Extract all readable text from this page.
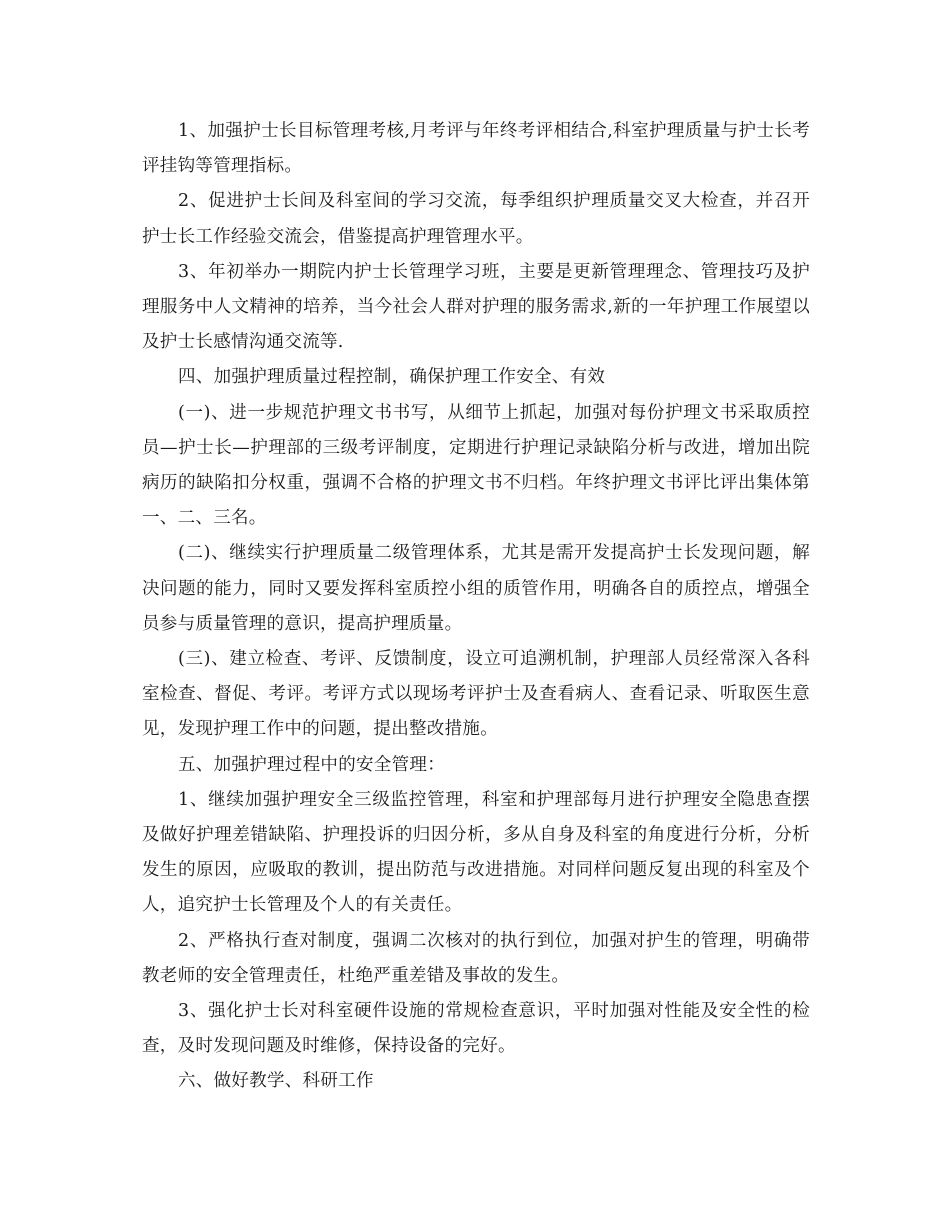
1、加强护士长目标管理考核,月考评与年终考评相结合,科室护理质量与护士长考评挂钩等管理指标。

2、促进护士长间及科室间的学习交流，每季组织护理质量交叉大检查，并召开护士长工作经验交流会，借鉴提高护理管理水平。

3、年初举办一期院内护士长管理学习班，主要是更新管理理念、管理技巧及护理服务中人文精神的培养，当今社会人群对护理的服务需求,新的一年护理工作展望以及护士长感情沟通交流等.

四、加强护理质量过程控制，确保护理工作安全、有效

(一)、进一步规范护理文书书写，从细节上抓起，加强对每份护理文书采取质控员—护士长—护理部的三级考评制度，定期进行护理记录缺陷分析与改进，增加出院病历的缺陷扣分权重，强调不合格的护理文书不归档。年终护理文书评比评出集体第一、二、三名。

(二)、继续实行护理质量二级管理体系，尤其是需开发提高护士长发现问题，解决问题的能力，同时又要发挥科室质控小组的质管作用，明确各自的质控点，增强全员参与质量管理的意识，提高护理质量。

(三)、建立检查、考评、反馈制度，设立可追溯机制，护理部人员经常深入各科室检查、督促、考评。考评方式以现场考评护士及查看病人、查看记录、听取医生意见，发现护理工作中的问题，提出整改措施。

五、加强护理过程中的安全管理：

1、继续加强护理安全三级监控管理，科室和护理部每月进行护理安全隐患查摆及做好护理差错缺陷、护理投诉的归因分析，多从自身及科室的角度进行分析，分析发生的原因，应吸取的教训，提出防范与改进措施。对同样问题反复出现的科室及个人，追究护士长管理及个人的有关责任。

2、严格执行查对制度，强调二次核对的执行到位，加强对护生的管理，明确带教老师的安全管理责任，杜绝严重差错及事故的发生。

3、强化护士长对科室硬件设施的常规检查意识，平时加强对性能及安全性的检查，及时发现问题及时维修，保持设备的完好。

六、做好教学、科研工作
